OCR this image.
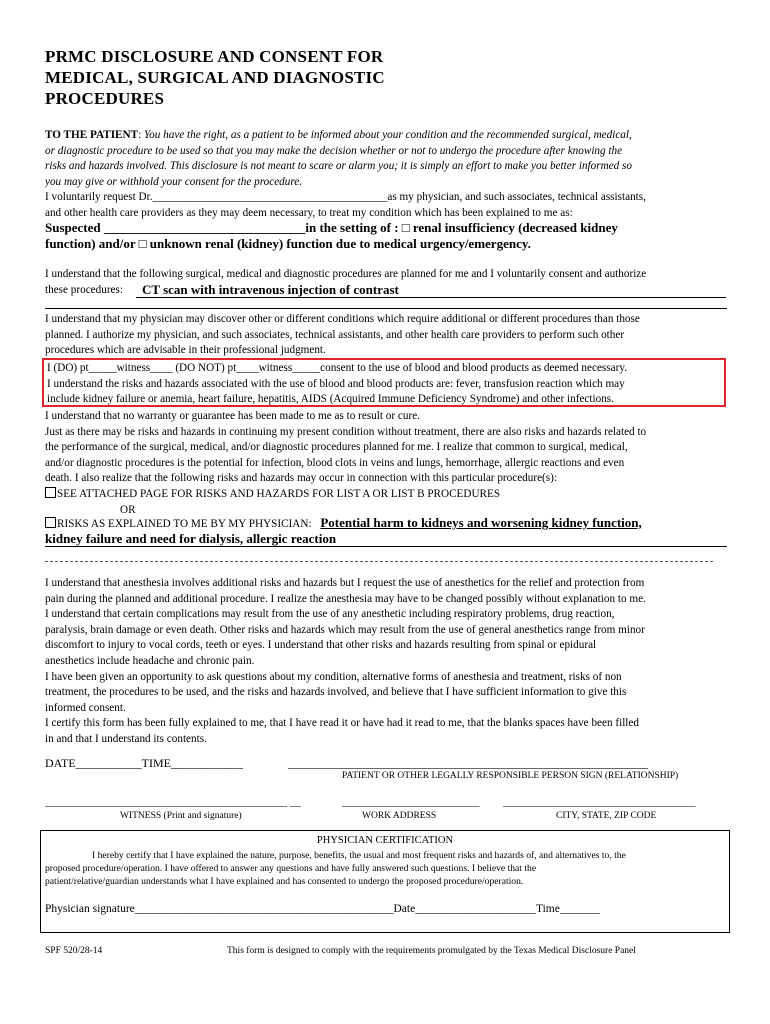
PRMC DISCLOSURE AND CONSENT FOR
MEDICAL, SURGICAL AND DIAGNOSTIC
PROCEDURES
TO THE PATIENT: You have the right, as a patient to be informed about your condition and the recommended surgical, medical,
or diagnostic procedure to be used so that you may make the decision whether or not to undergo the procedure after knowing the
risks and hazards involved. This disclosure is not meant to scare or alarm you; it is simply an effort to make you better informed so
you may give or withhold your consent for the procedure.
I voluntarily request Dr.__________________________________________as my physician, and such associates, technical assistants,
and other health care providers as they may deem necessary, to treat my condition which has been explained to me as:
Suspected _______________________________in the setting of : □ renal insufficiency (decreased kidney
function) and/or □ unknown renal (kidney) function due to medical urgency/emergency.
I understand that the following surgical, medical and diagnostic procedures are planned for me and I voluntarily consent and authorize
these procedures:	CT scan with intravenous injection of contrast
I understand that my physician may discover other or different conditions which require additional or different procedures than those
planned. I authorize my physician, and such associates, technical assistants, and other health care providers to perform such other
procedures which are advisable in their professional judgment.
I (DO) pt_____witness____ (DO NOT) pt____witness_____consent to the use of blood and blood products as deemed necessary.
I understand the risks and hazards associated with the use of blood and blood products are: fever, transfusion reaction which may
include kidney failure or anemia, heart failure, hepatitis, AIDS (Acquired Immune Deficiency Syndrome) and other infections.
I understand that no warranty or guarantee has been made to me as to result or cure.
Just as there may be risks and hazards in continuing my present condition without treatment, there are also risks and hazards related to
the performance of the surgical, medical, and/or diagnostic procedures planned for me. I realize that common to surgical, medical,
and/or diagnostic procedures is the potential for infection, blood clots in veins and lungs, hemorrhage, allergic reactions and even
death. I also realize that the following risks and hazards may occur in connection with this particular procedure(s):
SEE ATTACHED PAGE FOR RISKS AND HAZARDS FOR LIST A OR LIST B PROCEDURES
OR
RISKS AS EXPLAINED TO ME BY MY PHYSICIAN: Potential harm to kidneys and worsening kidney function,
kidney failure and need for dialysis, allergic reaction
I understand that anesthesia involves additional risks and hazards but I request the use of anesthetics for the relief and protection from
pain during the planned and additional procedure. I realize the anesthesia may have to be changed possibly without explanation to me.
I understand that certain complications may result from the use of any anesthetic including respiratory problems, drug reaction,
paralysis, brain damage or even death. Other risks and hazards which may result from the use of general anesthetics range from minor
discomfort to injury to vocal cords, teeth or eyes. I understand that other risks and hazards resulting from spinal or epidural
anesthetics include headache and chronic pain.
I have been given an opportunity to ask questions about my condition, alternative forms of anesthesia and treatment, risks of non
treatment, the procedures to be used, and the risks and hazards involved, and believe that I have sufficient information to give this
informed consent.
I certify this form has been fully explained to me, that I have read it or have had it read to me, that the blanks spaces have been filled
in and that I understand its contents.
DATE___________TIME____________	____________________________________________________________
PATIENT OR OTHER LEGALLY RESPONSIBLE PERSON SIGN (RELATIONSHIP)
____________________________________________ __	_________________________ ___________________________________
WITNESS (Print and signature)	WORK ADDRESS	CITY, STATE, ZIP CODE
PHYSICIAN CERTIFICATION
I hereby certify that I have explained the nature, purpose, benefits, the usual and most frequent risks and hazards of, and alternatives to, the
proposed procedure/operation. I have offered to answer any questions and have fully answered such questions. I believe that the
patient/relative/guardian understands what I have explained and has consented to undergo the proposed procedure/operation.
Physician signature_____________________________________________Date_____________________Time_______
SPF 520/28-14	This form is designed to comply with the requirements promulgated by the Texas Medical Disclosure Panel
